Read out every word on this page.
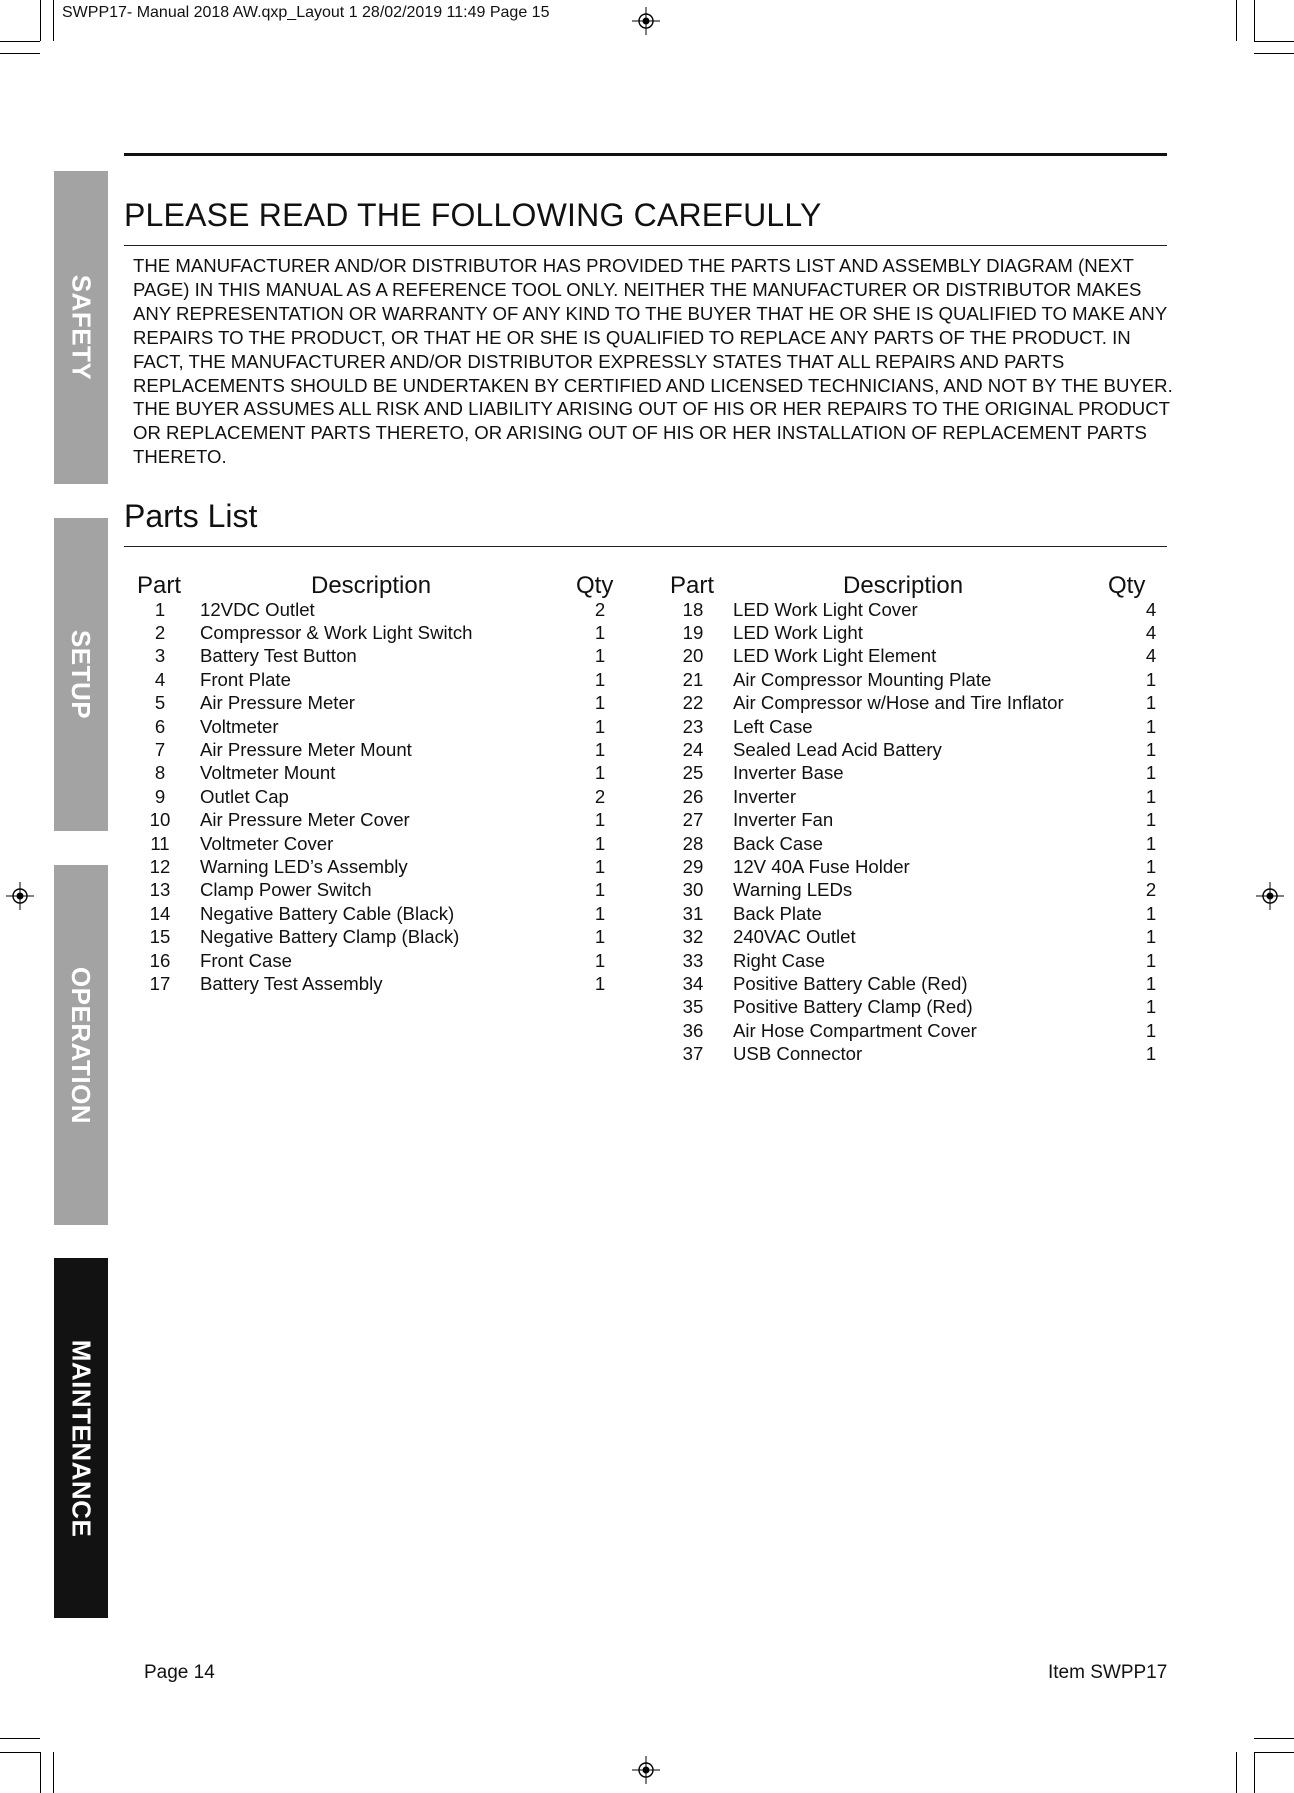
SWPP17- Manual 2018 AW.qxp_Layout 1 28/02/2019 11:49 Page 15
SAFETY
SETUP
OPERATION
MAINTENANCE
PLEASE READ THE FOLLOWING CAREFULLY
THE MANUFACTURER AND/OR DISTRIBUTOR HAS PROVIDED THE PARTS LIST AND ASSEMBLY DIAGRAM (NEXT PAGE) IN THIS MANUAL AS A REFERENCE TOOL ONLY. NEITHER THE MANUFACTURER OR DISTRIBUTOR MAKES ANY REPRESENTATION OR WARRANTY OF ANY KIND TO THE BUYER THAT HE OR SHE IS QUALIFIED TO MAKE ANY REPAIRS TO THE PRODUCT, OR THAT HE OR SHE IS QUALIFIED TO REPLACE ANY PARTS OF THE PRODUCT. IN FACT, THE MANUFACTURER AND/OR DISTRIBUTOR EXPRESSLY STATES THAT ALL REPAIRS AND PARTS REPLACEMENTS SHOULD BE UNDERTAKEN BY CERTIFIED AND LICENSED TECHNICIANS, AND NOT BY THE BUYER. THE BUYER ASSUMES ALL RISK AND LIABILITY ARISING OUT OF HIS OR HER REPAIRS TO THE ORIGINAL PRODUCT OR REPLACEMENT PARTS THERETO, OR ARISING OUT OF HIS OR HER INSTALLATION OF REPLACEMENT PARTS THERETO.
Parts List
Part	Description	Qty Part	Description	Qty
1	12VDC Outlet	2
2	Compressor & Work Light Switch	1
3	Battery Test Button	1
4	Front Plate	1
5	Air Pressure Meter	1
6	Voltmeter	1
7	Air Pressure Meter Mount	1
8	Voltmeter Mount	1
9	Outlet Cap	2
10	Air Pressure Meter Cover	1
11	Voltmeter Cover	1
12	Warning LED’s Assembly	1
13	Clamp Power Switch	1
14	Negative Battery Cable (Black)	1
15	Negative Battery Clamp (Black)	1
16	Front Case	1
17	Battery Test Assembly	1
18	LED Work Light Cover	4
19	LED Work Light	4
20	LED Work Light Element	4
21	Air Compressor Mounting Plate	1
22	Air Compressor w/Hose and Tire Inflator	1
23	Left Case	1
24	Sealed Lead Acid Battery	1
25	Inverter Base	1
26	Inverter	1
27	Inverter Fan	1
28	Back Case	1
29	12V 40A Fuse Holder	1
30	Warning LEDs	2
31	Back Plate	1
32	240VAC Outlet	1
33	Right Case	1
34	Positive Battery Cable (Red)	1
35	Positive Battery Clamp (Red)	1
36	Air Hose Compartment Cover	1
37	USB Connector	1
Page 14	Item SWPP17
